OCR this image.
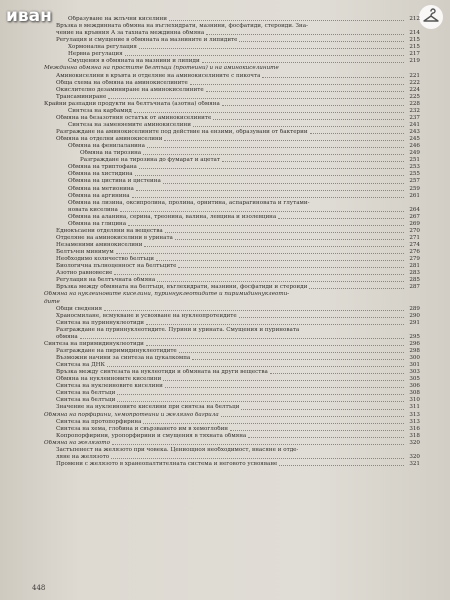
иван	Образуване на жлъчни киселини	212
Връзка в междинната обмяна на въглехидрати, мазнини, фосфатиди, стероиди. Зна-
чение на кръвния А за тахната междинна обмяна	214
Регулация и смущение в обмяната на мазнините и липидите	215
Хормонална регулация	215
Нервна регулация	217
Смущения в обмяната на мазнини и липиди	219
Междинна обмяна на простите белтъци (протеини) и на аминокиселините
Аминокиселини в кръвта и отделяне на аминокиселините с пикочта	221
Обща схема на обмяна на аминокиселините	222
Окислително дезаминиране на аминокиселините	224
Трансаминиране	225
Крайни разпадни продукти на белтъчната (азотна) обмяна	228
Синтеза на карбамид	232
Обмяна на безазотния остатък от аминокиселините	237
Синтеза на заменяемите аминокиселини	241
Разграждане на аминокиселините под действие на ензими, образувани от бактерии	243
Обмяна на отделни аминокиселини	245
Обмяна на фенилаланина	246
Обмяна на тирозина	249
Разграждане на тирозина до фумарат и ацетат	251
Обмяна на триптофана	253
Обмяна на хистидина	255
Обмяна на цистина и цистеина	257
Обмяна на метионина	259
Обмяна на аргинина	261
Обмяна на лизина, оксипролина, пролина, орнитина, аспарагиновата и глутами-
новата киселина	264
Обмяна на аланина, серина, треонина, валина, левцина и изолевцина	267
Обмяна на глицина	269
Еднокъсаени отделяни на вещества	270
Отделяне на аминокиселини в урината	271
Незаменими аминокиселини	274
Белтъчен минимум	276
Необходимо количество белтъци	279
Биологична пълноценност на белтъците	281
Азотно равновесие	283
Регулация на белтъчната обмяна	285
Връзка между обмяната на белтъци, въглехидрати, мазнини, фосфатиди и стероиди	287
Обмяна на нуклеиновите киселини, пуриннуклеотидите и пиримидиннуклеоти-
дите
Общи сведения	289
Храносмилане, всмукване и усвояване на нуклеопротеидите	290
Синтеза на пуриннуклеотиди	291
Разграждане на пуриннуклеотидите. Пурини и урината. Смущения и пуриновата
обмяна	295
Синтеза на пиримидинуклеотиди	296
Разграждане на пиримидинуклеотидите	298
Възможни начини за синтеза на цукалкомпа	300
Синтеза на ДНК	301
Връзка между синтезата на нуклеотиди и обмяната на други вещества	303
Обмяна на нуклеиновите киселини	305
Синтеза на нуклеиновите киселини	306
Синтеза на белтъци	308
Синтеза на белтъци	310
Значение на нуклеиновите киселини при синтеза на белтъци	311
Обмяна на порфирини, хемопротеини и желязно багрила	313
Синтеза на протопорфирина	313
Синтеза на хема, глобина и свързването им в хемоглобин	316
Копропорфирини, уропорфирини и смущения в тяхната обмяна	318
Обмяна на желязото	320
Застъпенест на желязото при човека. Цениощноя необходимост, внасяне и отде-
ляне на желязото	320
Промени с желязото в хранеопалтителната система и неговото усвояване	321
448
